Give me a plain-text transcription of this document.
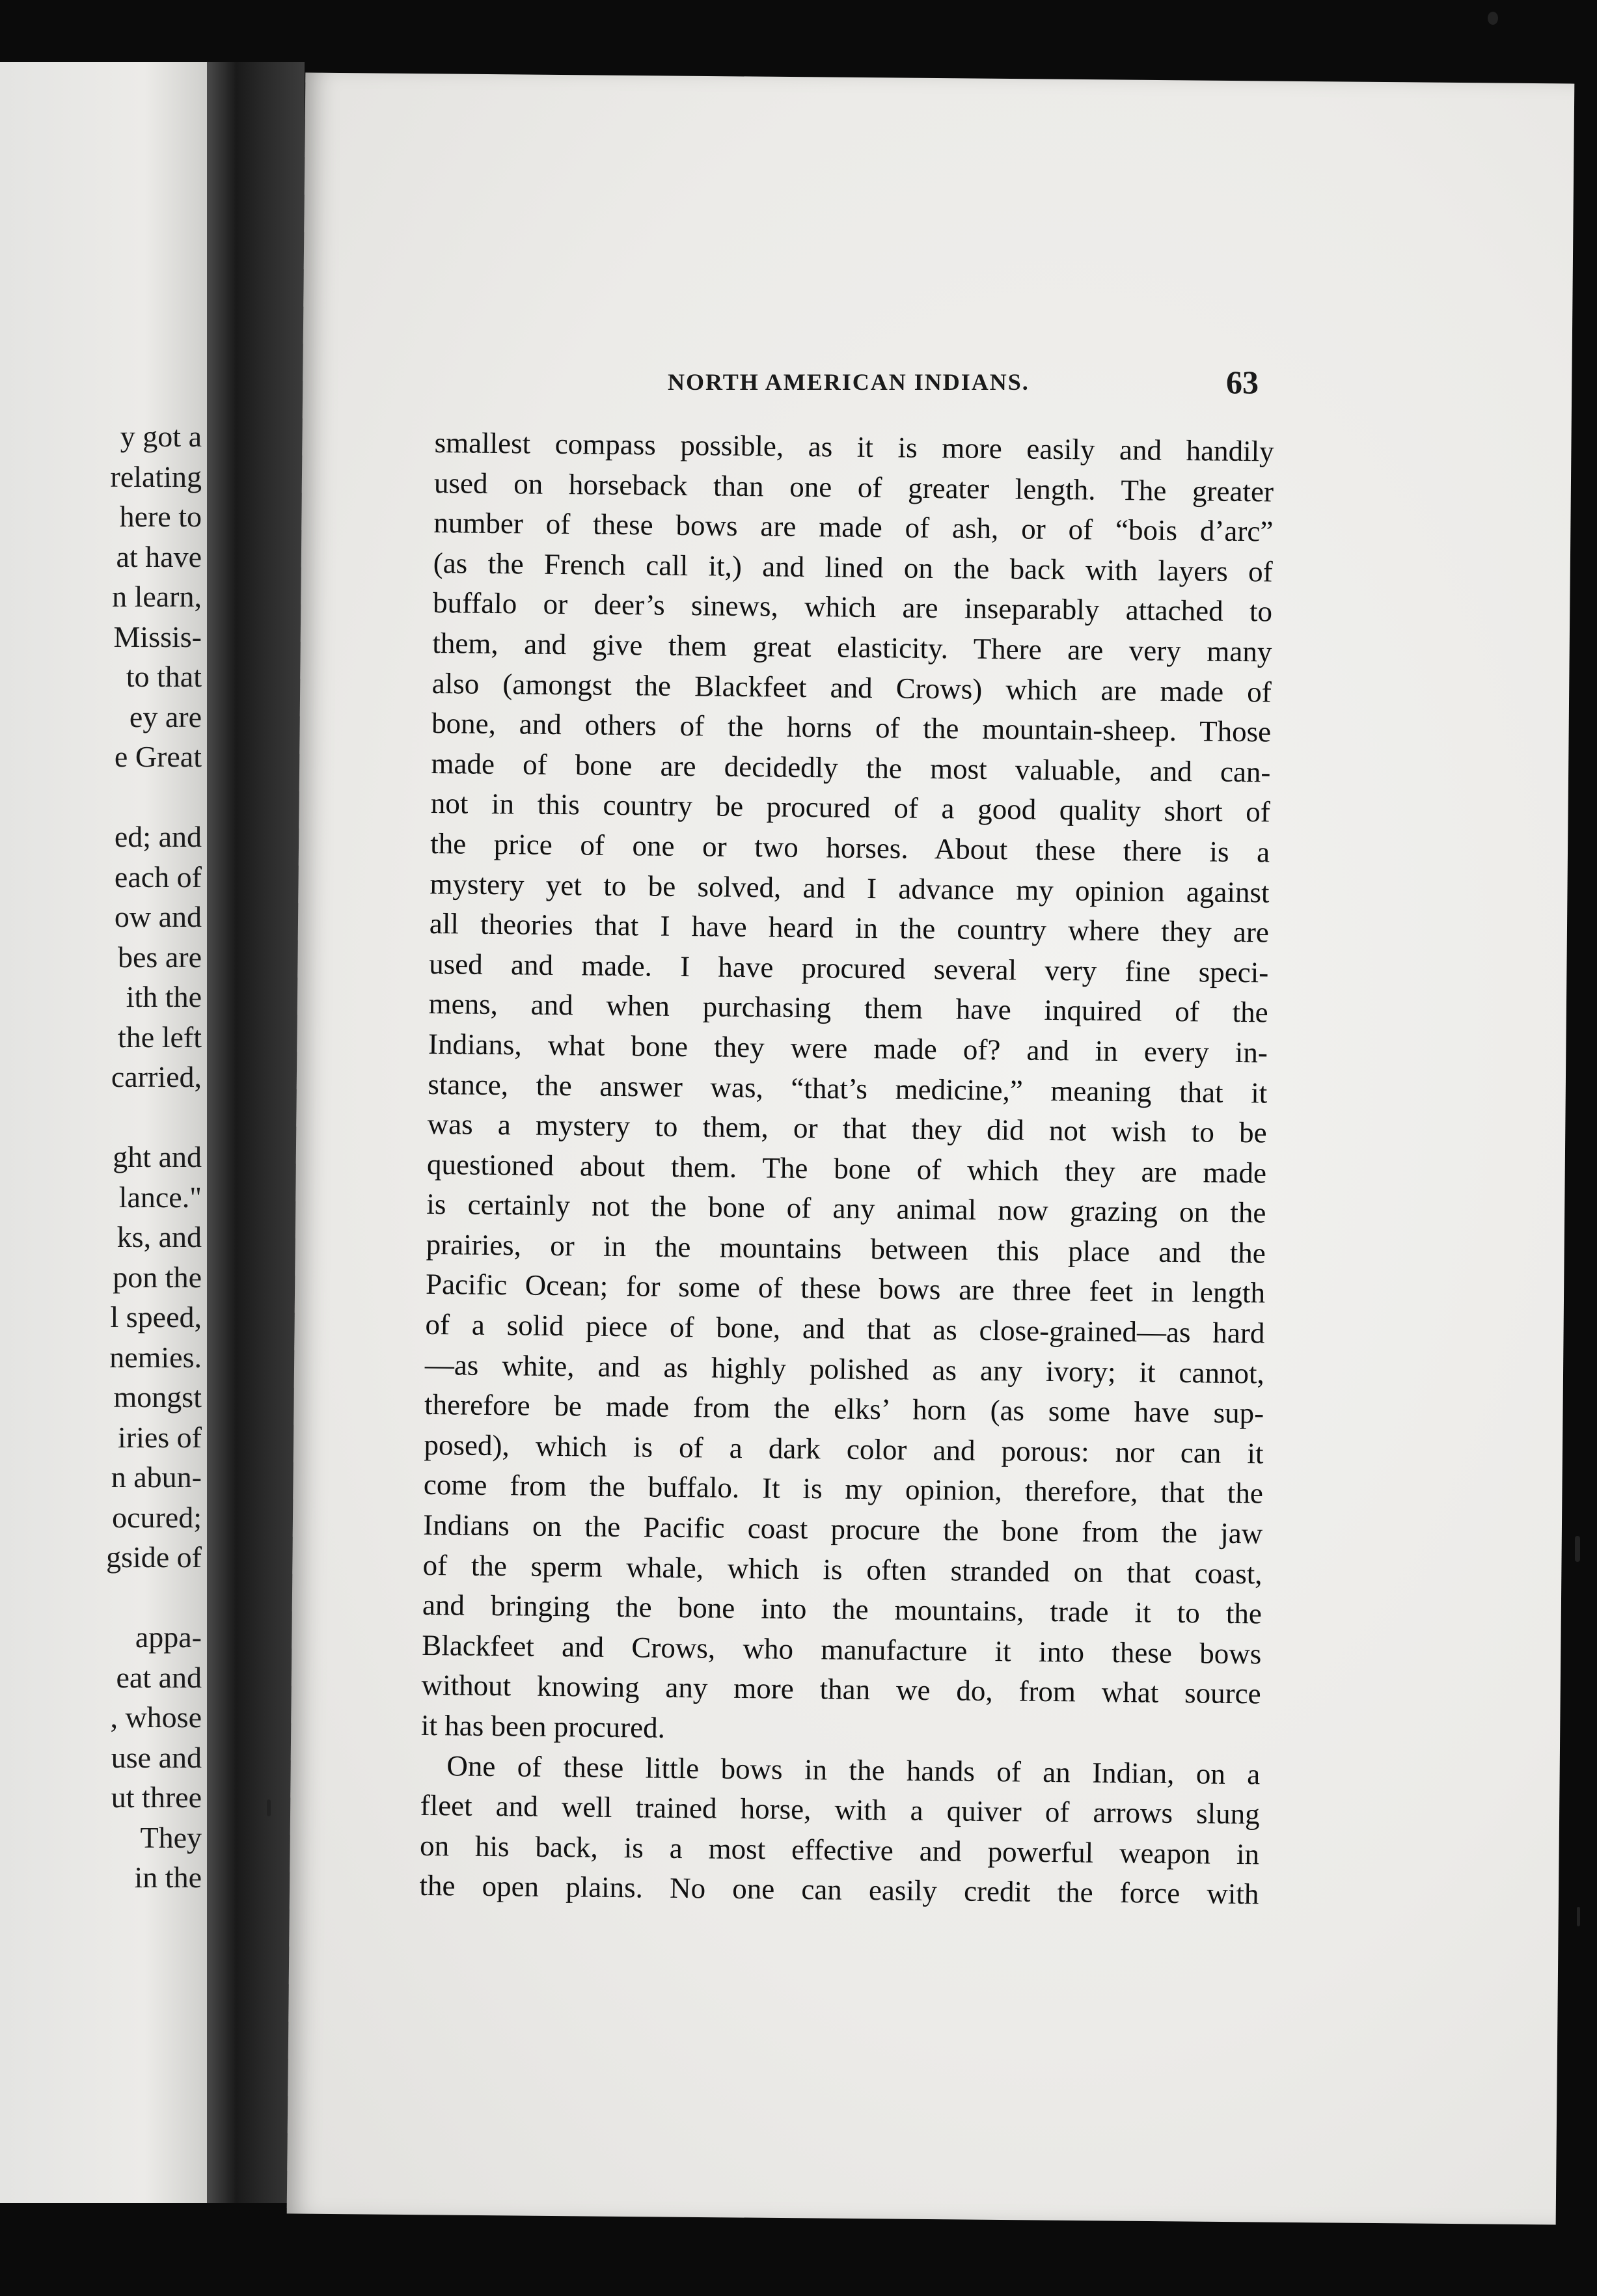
y got a
relating
here to
at have
n learn,
Missis-
to that
ey are
e Great
ed; and
each of
ow and
bes are
ith the
the left
carried,
ght and
lance."
ks, and
pon the
l speed,
nemies.
mongst
iries of
n abun-
ocured;
gside of
appa-
eat and
, whose
use and
ut three
They
in the
NORTH AMERICAN INDIANS.	63
smallest compass possible, as it is more easily and handily
used on horseback than one of greater length. The greater
number of these bows are made of ash, or of “bois d’arc”
(as the French call it,) and lined on the back with layers of
buffalo or deer’s sinews, which are inseparably attached to
them, and give them great elasticity. There are very many
also (amongst the Blackfeet and Crows) which are made of
bone, and others of the horns of the mountain-sheep. Those
made of bone are decidedly the most valuable, and can-
not in this country be procured of a good quality short of
the price of one or two horses. About these there is a
mystery yet to be solved, and I advance my opinion against
all theories that I have heard in the country where they are
used and made. I have procured several very fine speci-
mens, and when purchasing them have inquired of the
Indians, what bone they were made of? and in every in-
stance, the answer was, “that’s medicine,” meaning that it
was a mystery to them, or that they did not wish to be
questioned about them. The bone of which they are made
is certainly not the bone of any animal now grazing on the
prairies, or in the mountains between this place and the
Pacific Ocean; for some of these bows are three feet in length
of a solid piece of bone, and that as close-grained—as hard
—as white, and as highly polished as any ivory; it cannot,
therefore be made from the elks’ horn (as some have sup-
posed), which is of a dark color and porous: nor can it
come from the buffalo. It is my opinion, therefore, that the
Indians on the Pacific coast procure the bone from the jaw
of the sperm whale, which is often stranded on that coast,
and bringing the bone into the mountains, trade it to the
Blackfeet and Crows, who manufacture it into these bows
without knowing any more than we do, from what source
it has been procured.
One of these little bows in the hands of an Indian, on a
fleet and well trained horse, with a quiver of arrows slung
on his back, is a most effective and powerful weapon in
the open plains. No one can easily credit the force with
